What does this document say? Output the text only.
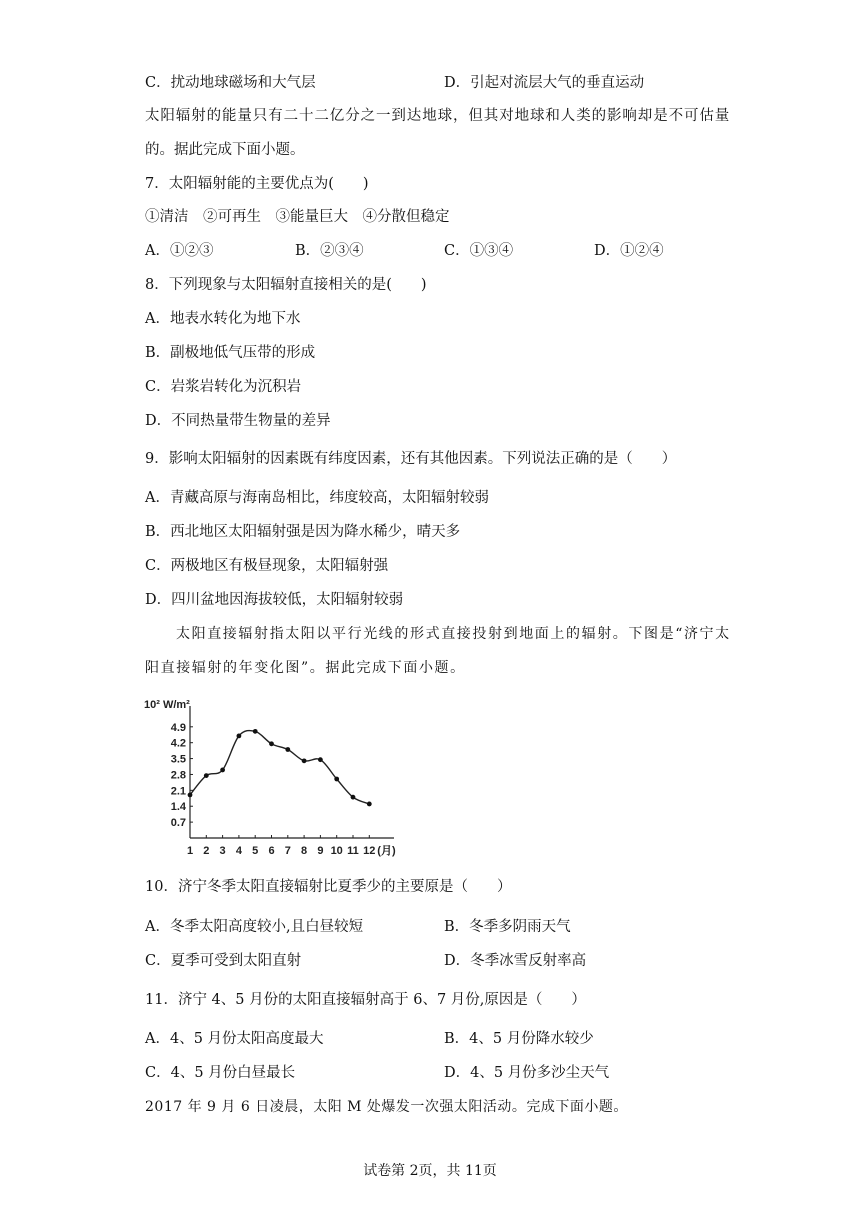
C．扰动地球磁场和大气层	D．引起对流层大气的垂直运动
太阳辐射的能量只有二十二亿分之一到达地球，但其对地球和人类的影响却是不可估量
的。据此完成下面小题。
7．太阳辐射能的主要优点为(　　)
①清洁　②可再生　③能量巨大　④分散但稳定
A．①②③	B．②③④	C．①③④	D．①②④
8．下列现象与太阳辐射直接相关的是(　　)
A．地表水转化为地下水
B．副极地低气压带的形成
C．岩浆岩转化为沉积岩
D．不同热量带生物量的差异
9．影响太阳辐射的因素既有纬度因素，还有其他因素。下列说法正确的是（　　）
A．青藏高原与海南岛相比，纬度较高，太阳辐射较弱
B．西北地区太阳辐射强是因为降水稀少，晴天多
C．两极地区有极昼现象，太阳辐射强
D．四川盆地因海拔较低，太阳辐射较弱
太阳直接辐射指太阳以平行光线的形式直接投射到地面上的辐射。下图是“济宁太
阳直接辐射的年变化图”。据此完成下面小题。
10² W/m²
4.9
4.2
3.5
2.8
2.1
1.4
0.7
1 2 3 4 5 6 7 8 9 10 11 12 (月)
10．济宁冬季太阳直接辐射比夏季少的主要原是（　　）
A．冬季太阳高度较小,且白昼较短	B．冬季多阴雨天气
C．夏季可受到太阳直射	D．冬季冰雪反射率高
11．济宁 4、5 月份的太阳直接辐射高于 6、7 月份,原因是（　　）
A．4、5 月份太阳高度最大	B．4、5 月份降水较少
C．4、5 月份白昼最长	D．4、5 月份多沙尘天气
2017 年 9 月 6 日凌晨，太阳 M 处爆发一次强太阳活动。完成下面小题。
试卷第 2页，共 11页
